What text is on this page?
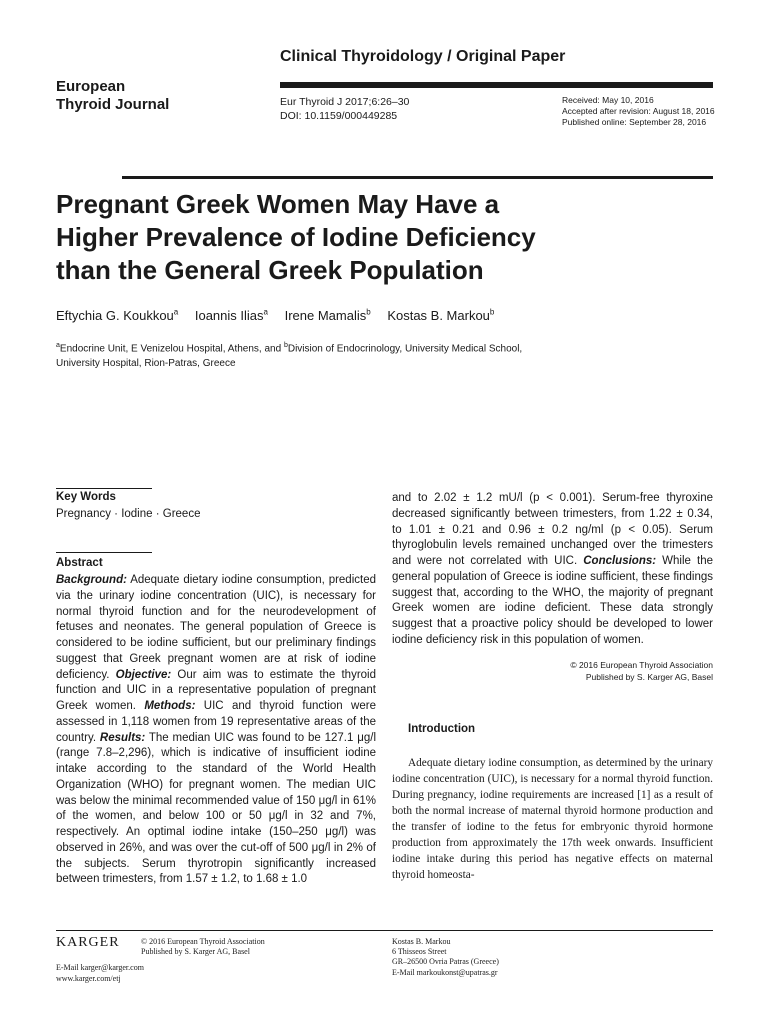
Clinical Thyroidology / Original Paper
European
Thyroid Journal	Eur Thyroid J 2017;6:26–30
DOI: 10.1159/000449285
Received: May 10, 2016
Accepted after revision: August 18, 2016
Published online: September 28, 2016
Pregnant Greek Women May Have a
Higher Prevalence of Iodine Deficiency
than the General Greek Population
Eftychia G. Koukkou$^a$ Ioannis Ilias$^a$ Irene Mamalis$^b$ Kostas B. Markou$^b$
$^a$Endocrine Unit, E Venizelou Hospital, Athens, and $^b$Division of Endocrinology, University Medical School,
University Hospital, Rion-Patras, Greece
Key Words
Pregnancy · Iodine · Greece
Abstract

Background: Adequate dietary iodine consumption, predicted via the urinary iodine concentration (UIC), is necessary for normal thyroid function and for the neurodevelopment of fetuses and neonates. The general population of Greece is considered to be iodine sufficient, but our preliminary findings suggest that Greek pregnant women are at risk of iodine deficiency. Objective: Our aim was to estimate the thyroid function and UIC in a representative population of pregnant Greek women. Methods: UIC and thyroid function were assessed in 1,118 women from 19 representative areas of the country. Results: The median UIC was found to be 127.1 μg/l (range 7.8–2,296), which is indicative of insufficient iodine intake according to the standard of the World Health Organization (WHO) for pregnant women. The median UIC was below the minimal recommended value of 150 μg/l in 61% of the women, and below 100 or 50 μg/l in 32 and 7%, respectively. An optimal iodine intake (150–250 μg/l) was observed in 26%, and was over the cut-off of 500 μg/l in 2% of the subjects. Serum thyrotropin significantly increased between trimesters, from 1.57 ± 1.2, to 1.68 ± 1.0

and to 2.02 ± 1.2 mU/l (p < 0.001). Serum-free thyroxine decreased significantly between trimesters, from 1.22 ± 0.34, to 1.01 ± 0.21 and 0.96 ± 0.2 ng/ml (p < 0.05). Serum thyroglobulin levels remained unchanged over the trimesters and were not correlated with UIC. Conclusions: While the general population of Greece is iodine sufficient, these findings suggest that, according to the WHO, the majority of pregnant Greek women are iodine deficient. These data strongly suggest that a proactive policy should be developed to lower iodine deficiency risk in this population of women.

© 2016 European Thyroid Association
Published by S. Karger AG, Basel
Introduction

Adequate dietary iodine consumption, as determined by the urinary iodine concentration (UIC), is necessary for a normal thyroid function. During pregnancy, iodine requirements are increased [1] as a result of both the normal increase of maternal thyroid hormone production and the transfer of iodine to the fetus for embryonic thyroid hormone production from approximately the 17th week onwards. Insufficient iodine intake during this period has negative effects on maternal thyroid homeosta-

KARGER
E-Mail karger@karger.com
www.karger.com/etj
© 2016 European Thyroid Association
Published by S. Karger AG, Basel
Kostas B. Markou
6 Thisseos Street
GR–26500 Ovria Patras (Greece)
E-Mail markoukonst@upatras.gr
